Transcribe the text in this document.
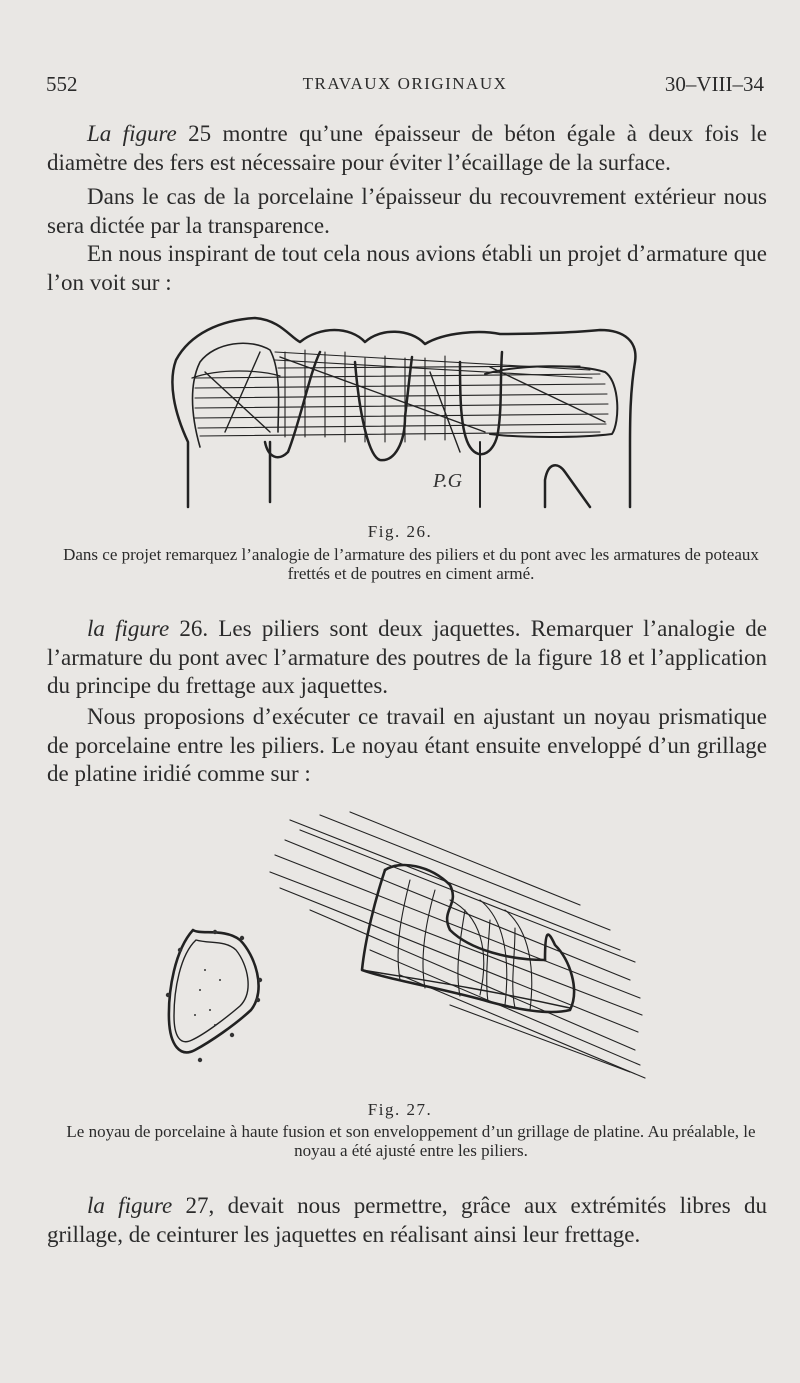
552	TRAVAUX ORIGINAUX	30–VIII–34

La figure 25 montre qu’une épaisseur de béton égale à deux fois le diamètre des fers est nécessaire pour éviter l’écaillage de la surface.

Dans le cas de la porcelaine l’épaisseur du recouvrement extérieur nous sera dictée par la transparence.

En nous inspirant de tout cela nous avions établi un projet d’armature que l’on voit sur :

P.G
Fig. 26.

Dans ce projet remarquez l’analogie de l’armature des piliers et du pont avec les armatures de poteaux frettés et de poutres en ciment armé.

la figure 26. Les piliers sont deux jaquettes. Remarquer l’analogie de l’armature du pont avec l’armature des poutres de la figure 18 et l’application du principe du frettage aux jaquettes.

Nous proposions d’exécuter ce travail en ajustant un noyau prismatique de porcelaine entre les piliers. Le noyau étant ensuite enveloppé d’un grillage de platine iridié comme sur :

Fig. 27.

Le noyau de porcelaine à haute fusion et son enveloppement d’un grillage de platine. Au préalable, le noyau a été ajusté entre les piliers.

la figure 27, devait nous permettre, grâce aux extrémités libres du grillage, de ceinturer les jaquettes en réalisant ainsi leur frettage.
